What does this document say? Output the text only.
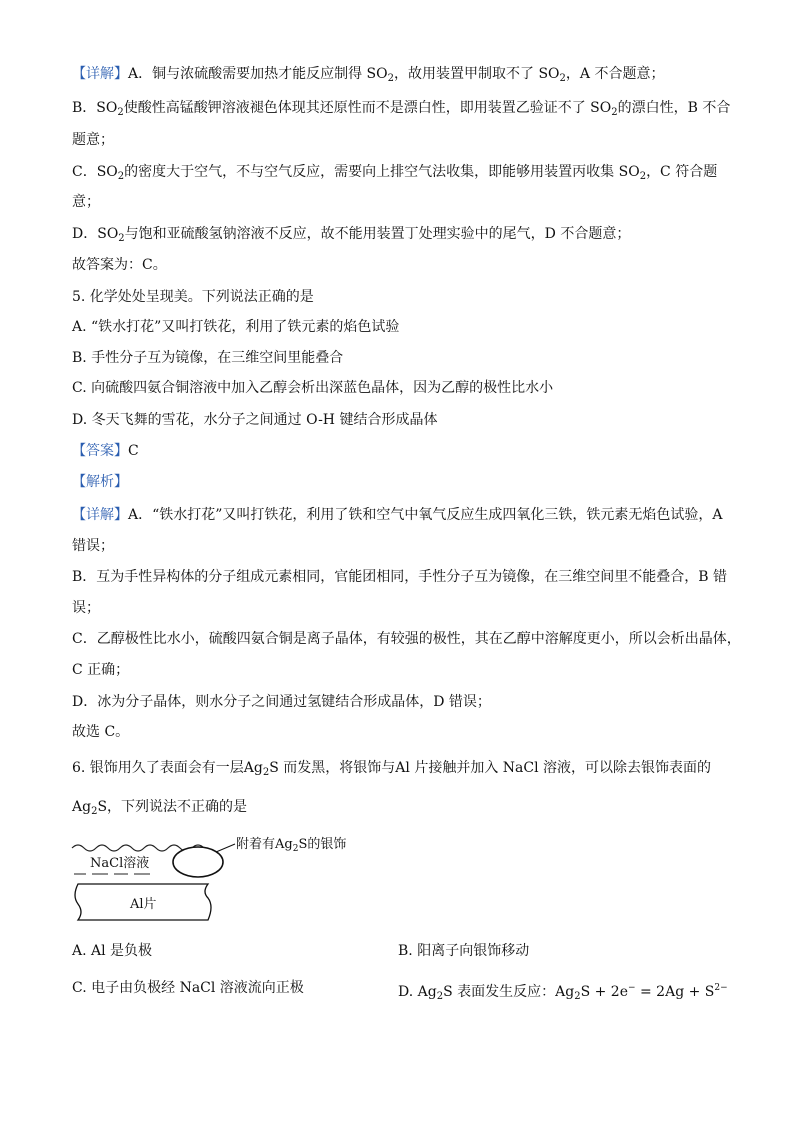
【详解】A．铜与浓硫酸需要加热才能反应制得 $SO_2$，故用装置甲制取不了 $SO_2$，A 不合题意；
B．$SO_2$使酸性高锰酸钾溶液褪色体现其还原性而不是漂白性，即用装置乙验证不了 $SO_2$的漂白性，B 不合
题意；
C．$SO_2$的密度大于空气，不与空气反应，需要向上排空气法收集，即能够用装置丙收集 $SO_2$，C 符合题
意；
D．$SO_2$与饱和亚硫酸氢钠溶液不反应，故不能用装置丁处理实验中的尾气，D 不合题意；
故答案为：C。
5. 化学处处呈现美。下列说法正确的是
A. “铁水打花”又叫打铁花，利用了铁元素的焰色试验
B. 手性分子互为镜像，在三维空间里能叠合
C. 向硫酸四氨合铜溶液中加入乙醇会析出深蓝色晶体，因为乙醇的极性比水小
D. 冬天飞舞的雪花，水分子之间通过 O-H 键结合形成晶体
【答案】C
【解析】
【详解】A．“铁水打花”又叫打铁花，利用了铁和空气中氧气反应生成四氧化三铁，铁元素无焰色试验，A
错误；
B．互为手性异构体的分子组成元素相同，官能团相同，手性分子互为镜像，在三维空间里不能叠合，B 错
误；
C．乙醇极性比水小，硫酸四氨合铜是离子晶体，有较强的极性，其在乙醇中溶解度更小，所以会析出晶体，
C 正确；
D．冰为分子晶体，则水分子之间通过氢键结合形成晶体，D 错误；
故选 C。
6. 银饰用久了表面会有一层$Ag_2S$ 而发黑，将银饰与Al 片接触并加入 NaCl 溶液，可以除去银饰表面的
$Ag_2S$，下列说法不正确的是
附着有$Ag_2S$的银饰
NaCl溶液
Al片
A. Al 是负极	B. 阳离子向银饰移动
C. 电子由负极经 NaCl 溶液流向正极	D. $Ag_2S$ 表面发生反应：$Ag_2S + 2e^- = 2Ag + S^{2-}$
